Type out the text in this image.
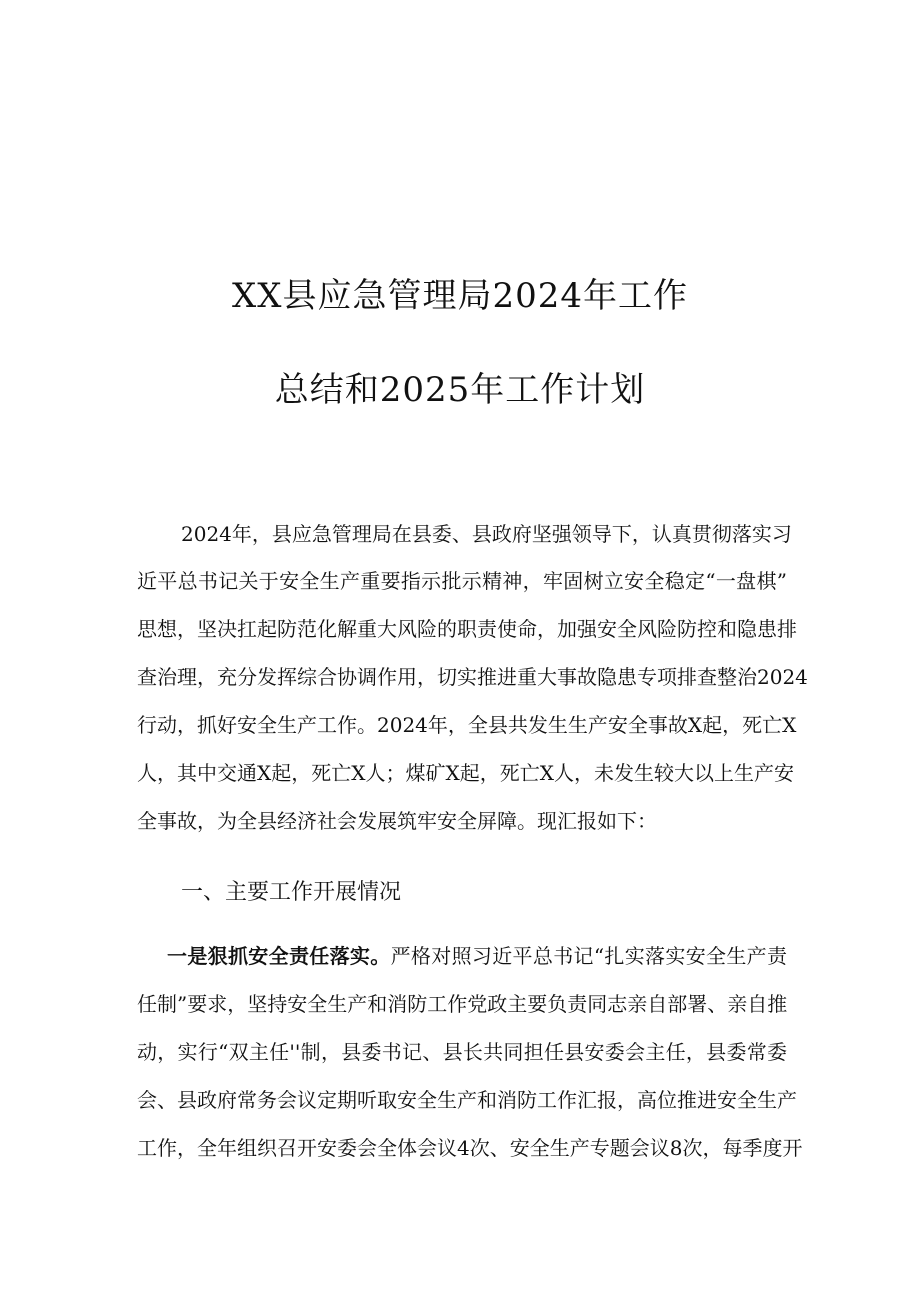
XX县应急管理局2024年工作
总结和2025年工作计划
2024年，县应急管理局在县委、县政府坚强领导下，认真贯彻落实习
近平总书记关于安全生产重要指示批示精神，牢固树立安全稳定“一盘棋”
思想，坚决扛起防范化解重大风险的职责使命，加强安全风险防控和隐患排
查治理，充分发挥综合协调作用，切实推进重大事故隐患专项排查整治2024
行动，抓好安全生产工作。2024年，全县共发生生产安全事故X起，死亡X
人，其中交通X起，死亡X人；煤矿X起，死亡X人，未发生较大以上生产安
全事故，为全县经济社会发展筑牢安全屏障。现汇报如下：
一、主要工作开展情况
一是狠抓安全责任落实。严格对照习近平总书记“扎实落实安全生产责
任制”要求，坚持安全生产和消防工作党政主要负责同志亲自部署、亲自推
动，实行“双主任''制，县委书记、县长共同担任县安委会主任，县委常委
会、县政府常务会议定期听取安全生产和消防工作汇报，高位推进安全生产
工作，全年组织召开安委会全体会议4次、安全生产专题会议8次，每季度开
